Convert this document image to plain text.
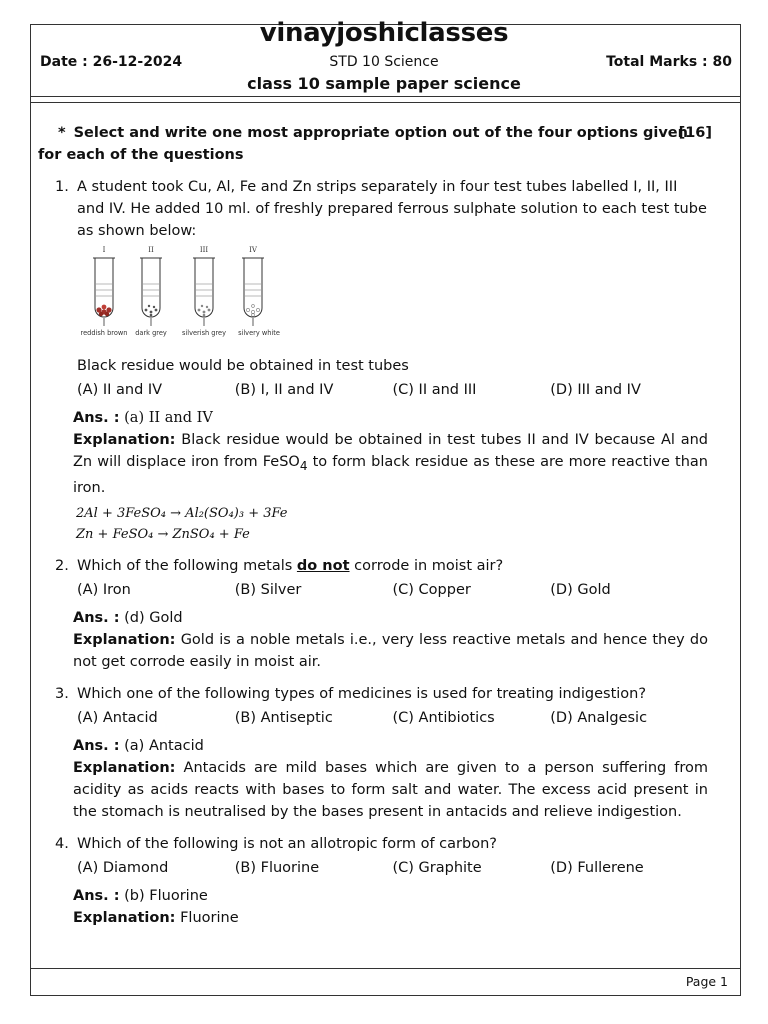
vinayjoshiclasses
Date : 26-12-2024	STD 10 Science	Total Marks : 80
class 10 sample paper science
* Select and write one most appropriate option out of the four options given
[16]
for each of the questions
1. A student took Cu, Al, Fe and Zn strips separately in four test tubes labelled I, II, III and IV. He added 10 ml. of freshly prepared ferrous sulphate solution to each test tube as shown below:
I	II	III	IV
reddish brown dark grey silverish grey silvery white
Black residue would be obtained in test tubes
(A) II and IV	(B) I, II and IV	(C) II and III	(D) III and IV
Ans. : (a) II and IV
Explanation: Black residue would be obtained in test tubes II and IV because Al and Zn will displace iron from FeSO$_4$ to form black residue as these are more reactive than iron.
2Al + 3FeSO₄ → Al₂(SO₄)₃ + 3Fe
Zn + FeSO₄ → ZnSO₄ + Fe
2. Which of the following metals do not corrode in moist air?
(A) Iron	(B) Silver	(C) Copper	(D) Gold
Ans. : (d) Gold
Explanation: Gold is a noble metals i.e., very less reactive metals and hence they do not get corrode easily in moist air.
3. Which one of the following types of medicines is used for treating indigestion?
(A) Antacid	(B) Antiseptic	(C) Antibiotics	(D) Analgesic
Ans. : (a) Antacid
Explanation: Antacids are mild bases which are given to a person suffering from acidity as acids reacts with bases to form salt and water. The excess acid present in the stomach is neutralised by the bases present in antacids and relieve indigestion.
4. Which of the following is not an allotropic form of carbon?
(A) Diamond	(B) Fluorine	(C) Graphite	(D) Fullerene
Ans. : (b) Fluorine
Explanation: Fluorine
Page 1
